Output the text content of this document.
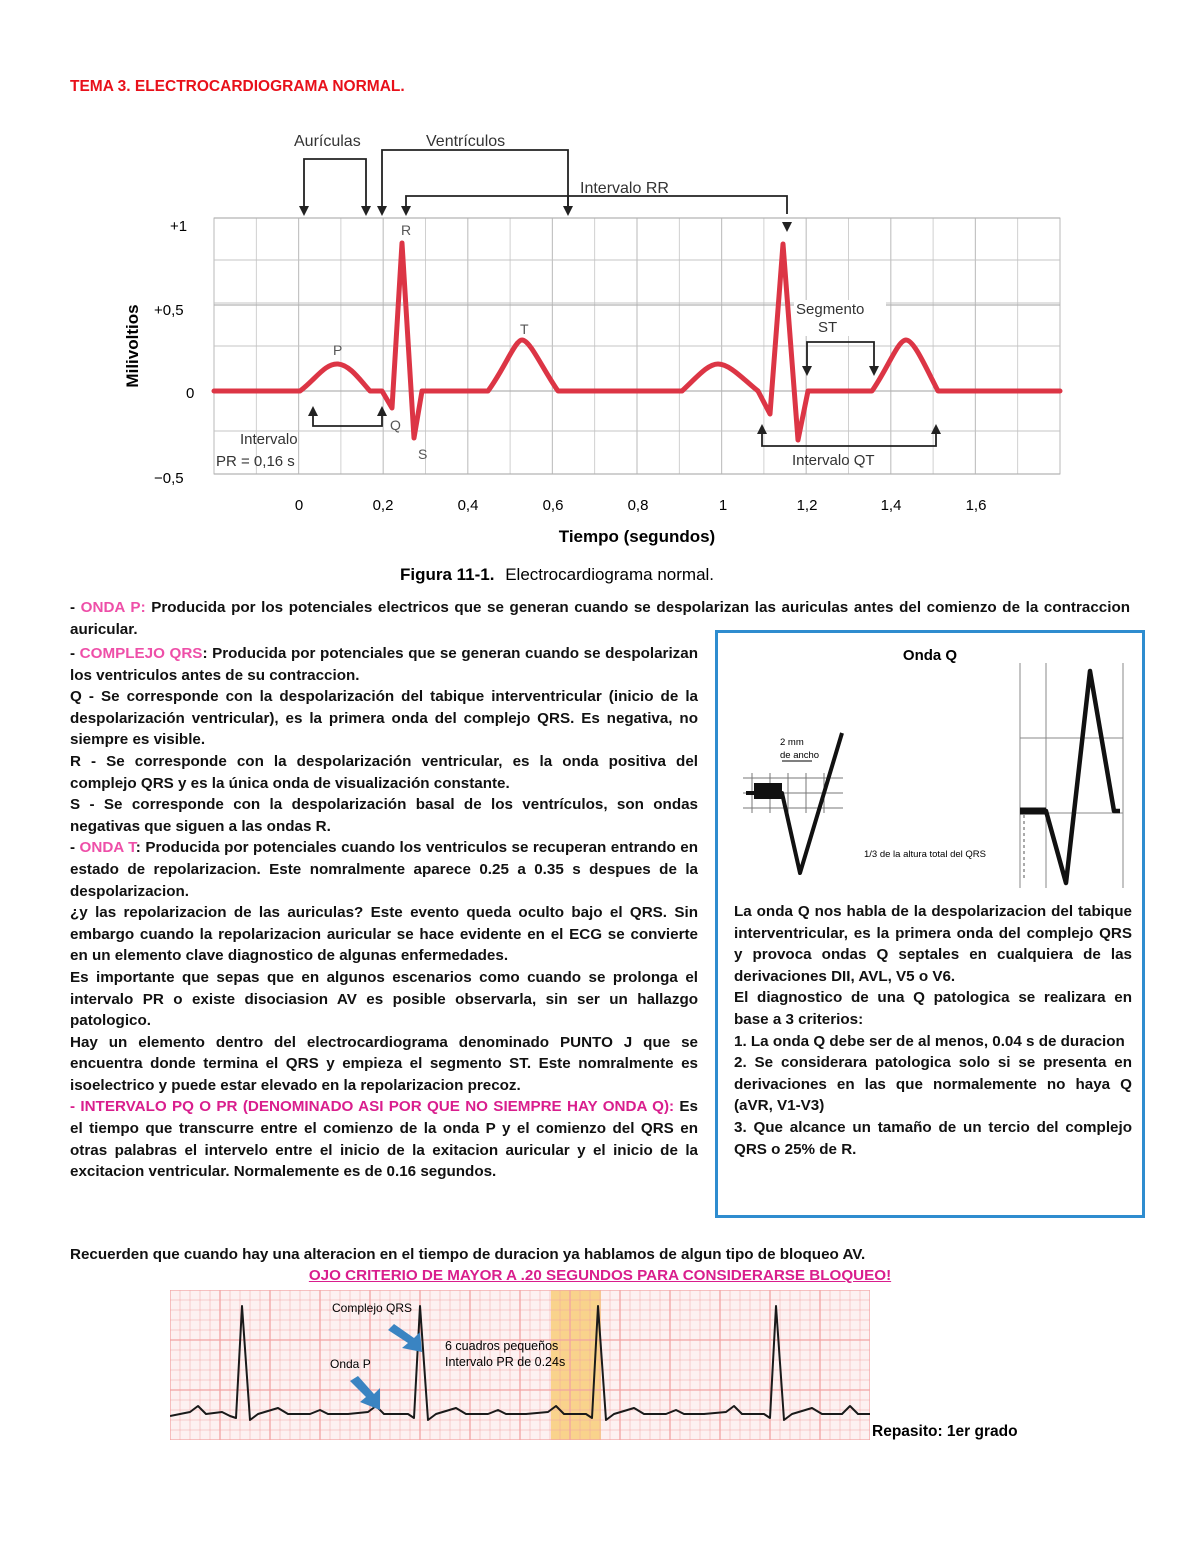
TEMA 3. ELECTROCARDIOGRAMA NORMAL.
+1
+0,5
0
−0,5
Milivoltios
0	0,2	0,4	0,6	0,8	1	1,2	1,4	1,6
Tiempo (segundos)
P
Q
R
S
T
Aurículas	Ventrículos
Intervalo RR
Intervalo
PR = 0,16 s
Segmento
ST
Intervalo QT
Figura 11-1. Electrocardiograma normal.
- ONDA P: Producida por los potenciales electricos que se generan cuando se despolarizan las auriculas antes del comienzo de la contraccion auricular.

- COMPLEJO QRS: Producida por potenciales que se generan cuando se despolarizan los ventriculos antes de su contraccion.

Q - Se corresponde con la despolarización del tabique interventricular (inicio de la despolarización ventricular), es la primera onda del complejo QRS. Es negativa, no siempre es visible.

R - Se corresponde con la despolarización ventricular, es la onda positiva del complejo QRS y es la única onda de visualización constante.

S - Se corresponde con la despolarización basal de los ventrículos, son ondas negativas que siguen a las ondas R.

- ONDA T: Producida por potenciales cuando los ventriculos se recuperan entrando en estado de repolarizacion. Este nomralmente aparece 0.25 a 0.35 s despues de la despolarizacion.

¿y las repolarizacion de las auriculas? Este evento queda oculto bajo el QRS. Sin embargo cuando la repolarizacion auricular se hace evidente en el ECG se convierte en un elemento clave diagnostico de algunas enfermedades.

Es importante que sepas que en algunos escenarios como cuando se prolonga el intervalo PR o existe disociasion AV es posible observarla, sin ser un hallazgo patologico.

Hay un elemento dentro del electrocardiograma denominado PUNTO J que se encuentra donde termina el QRS y empieza el segmento ST. Este nomralmente es isoelectrico y puede estar elevado en la repolarizacion precoz.

- INTERVALO PQ O PR (DENOMINADO ASI POR QUE NO SIEMPRE HAY ONDA Q): Es el tiempo que transcurre entre el comienzo de la onda P y el comienzo del QRS en otras palabras el intervelo entre el inicio de la exitacion auricular y el inicio de la excitacion ventricular. Normalemente es de 0.16 segundos.

Recuerden que cuando hay una alteracion en el tiempo de duracion ya hablamos de algun tipo de bloqueo AV.
OJO CRITERIO DE MAYOR A .20 SEGUNDOS PARA CONSIDERARSE BLOQUEO!
Onda Q
2 mm
de ancho
1/3 de la altura total del QRS

La onda Q nos habla de la despolarizacion del tabique interventricular, es la primera onda del complejo QRS y provoca ondas Q septales en cualquiera de las derivaciones DII, AVL, V5 o V6.

El diagnostico de una Q patologica se realizara en base a 3 criterios:

1. La onda Q debe ser de al menos, 0.04 s de duracion

2. Se considerara patologica solo si se presenta en derivaciones en las que normalemente no haya Q (aVR, V1-V3)

3. Que alcance un tamaño de un tercio del complejo QRS o 25% de R.

Complejo QRS
Onda P
6 cuadros pequeños
Intervalo PR de 0.24s
Repasito: 1er grado
